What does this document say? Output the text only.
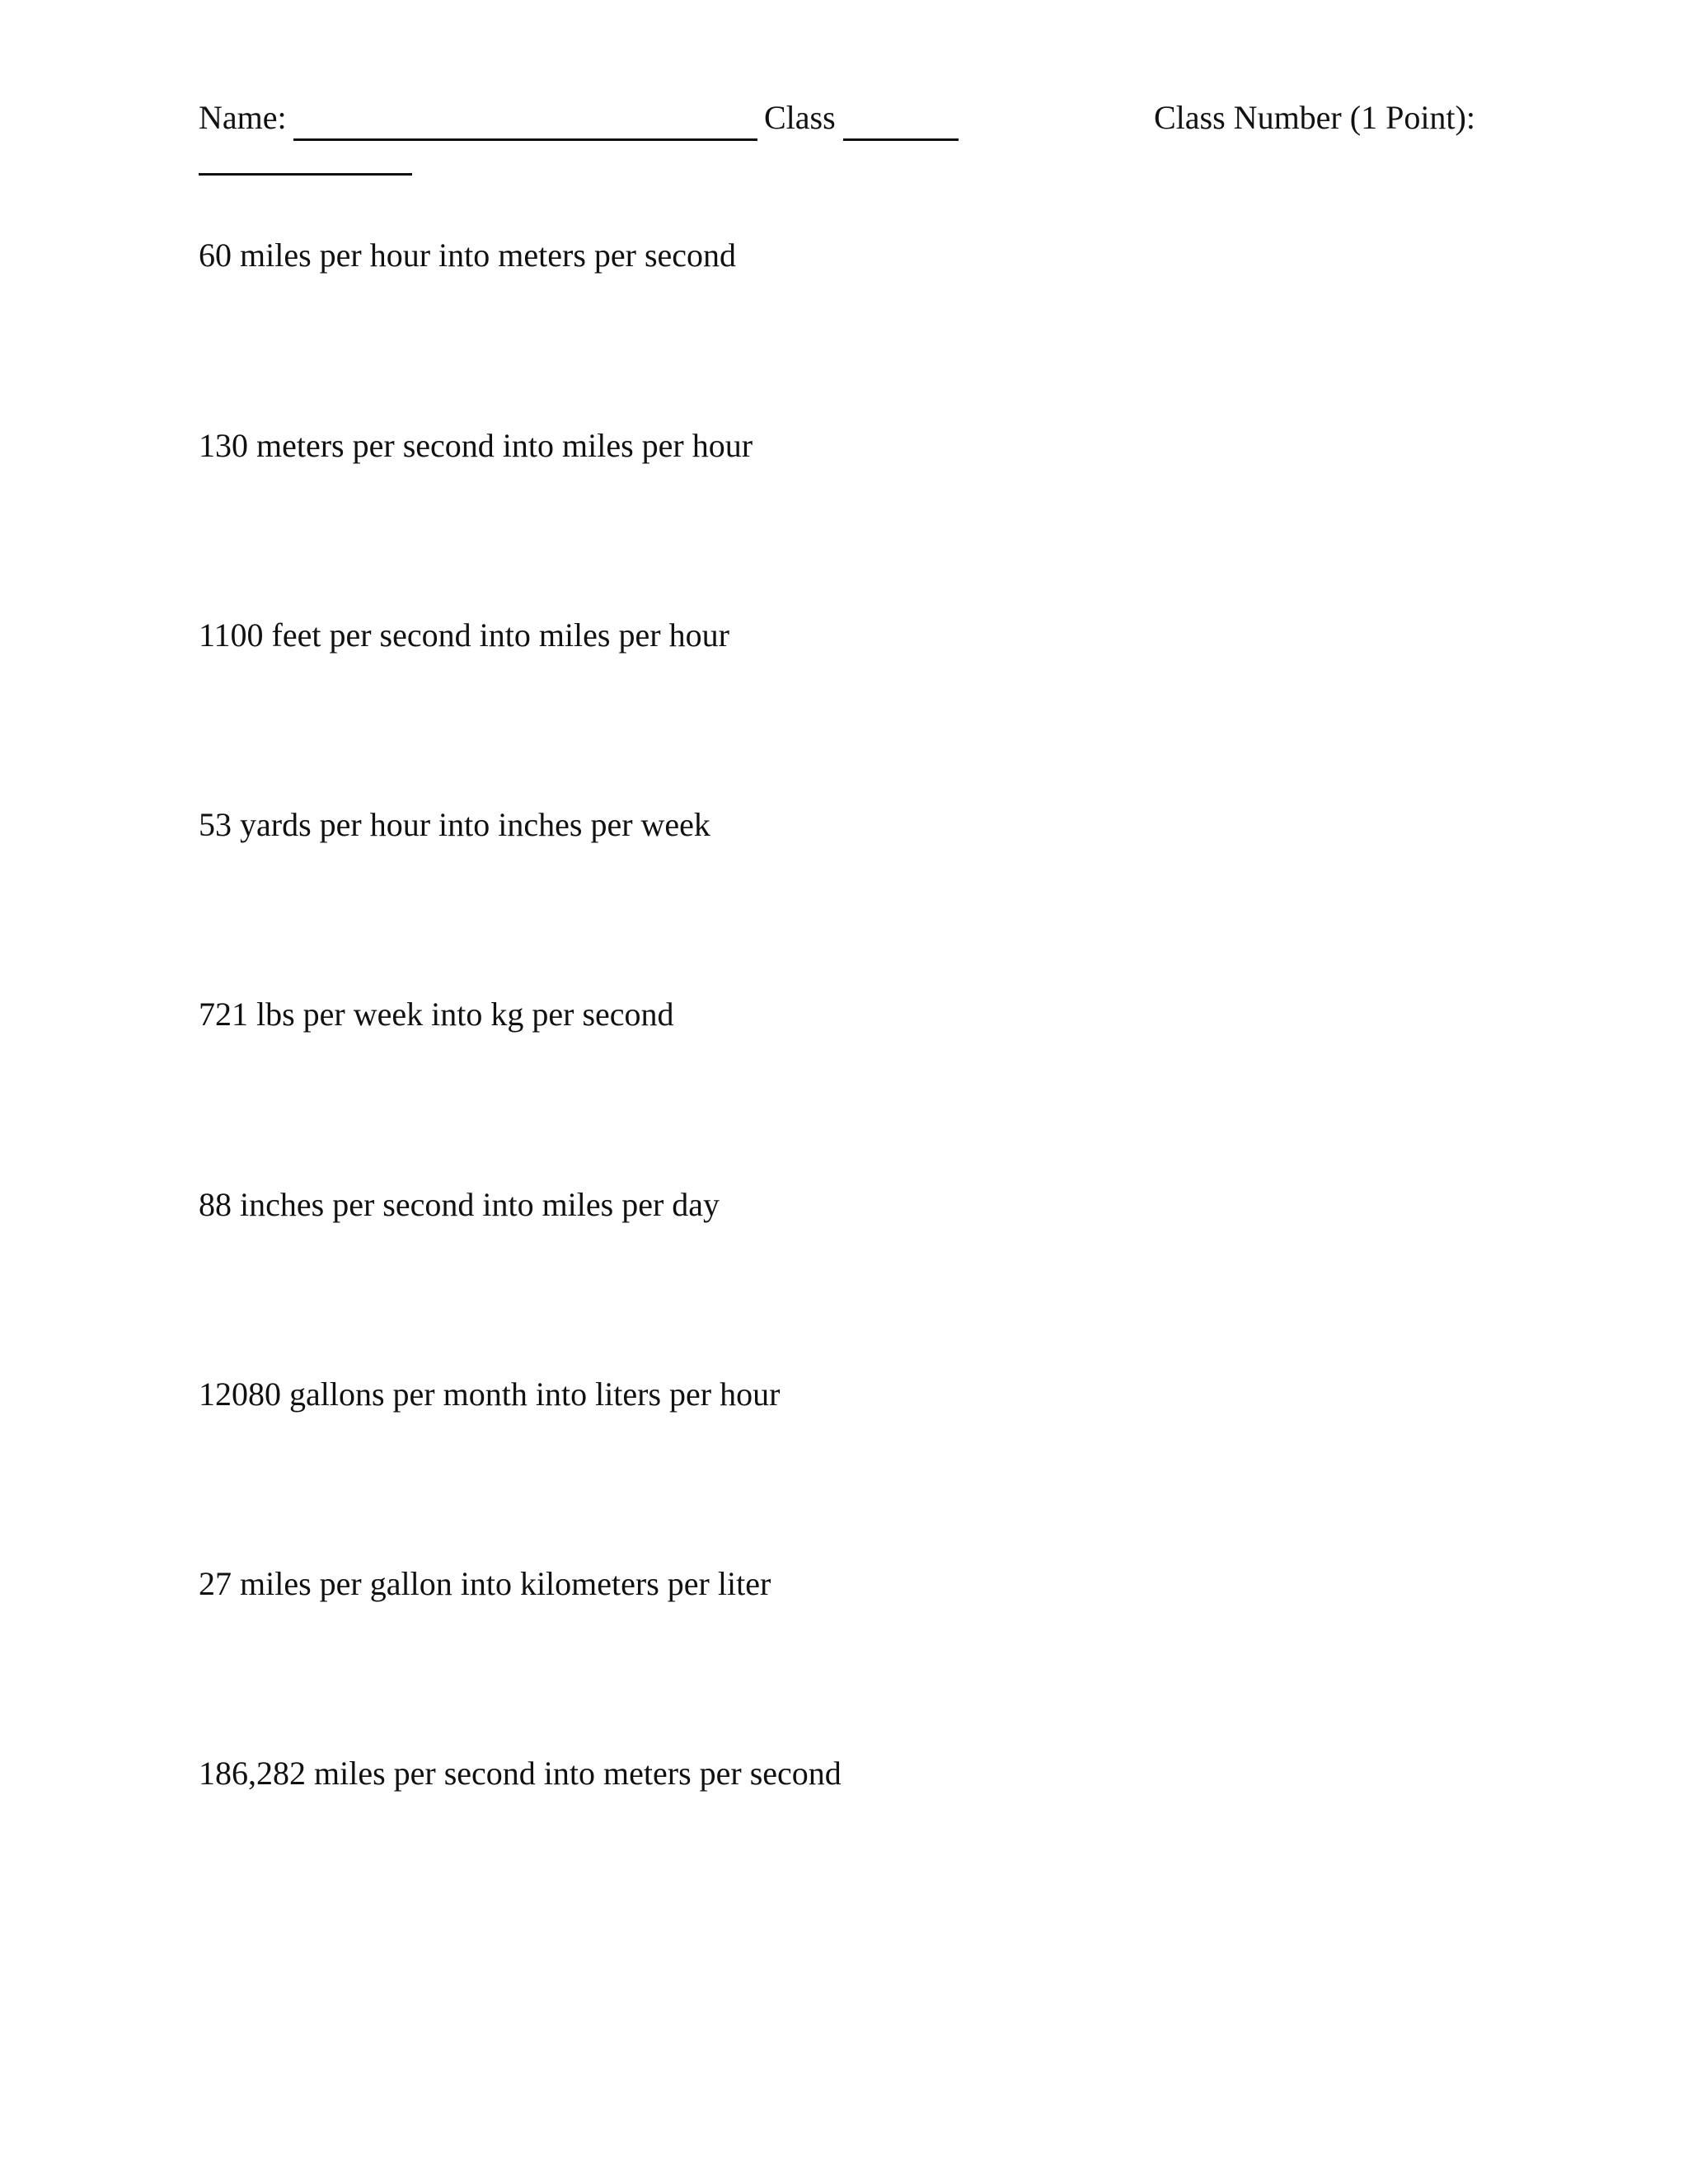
Name:	Class	Class Number (1 Point):
60 miles per hour into meters per second
130 meters per second into miles per hour
1100 feet per second into miles per hour
53 yards per hour into inches per week
721 lbs per week into kg per second
88 inches per second into miles per day
12080 gallons per month into liters per hour
27 miles per gallon into kilometers per liter
186,282 miles per second into meters per second
